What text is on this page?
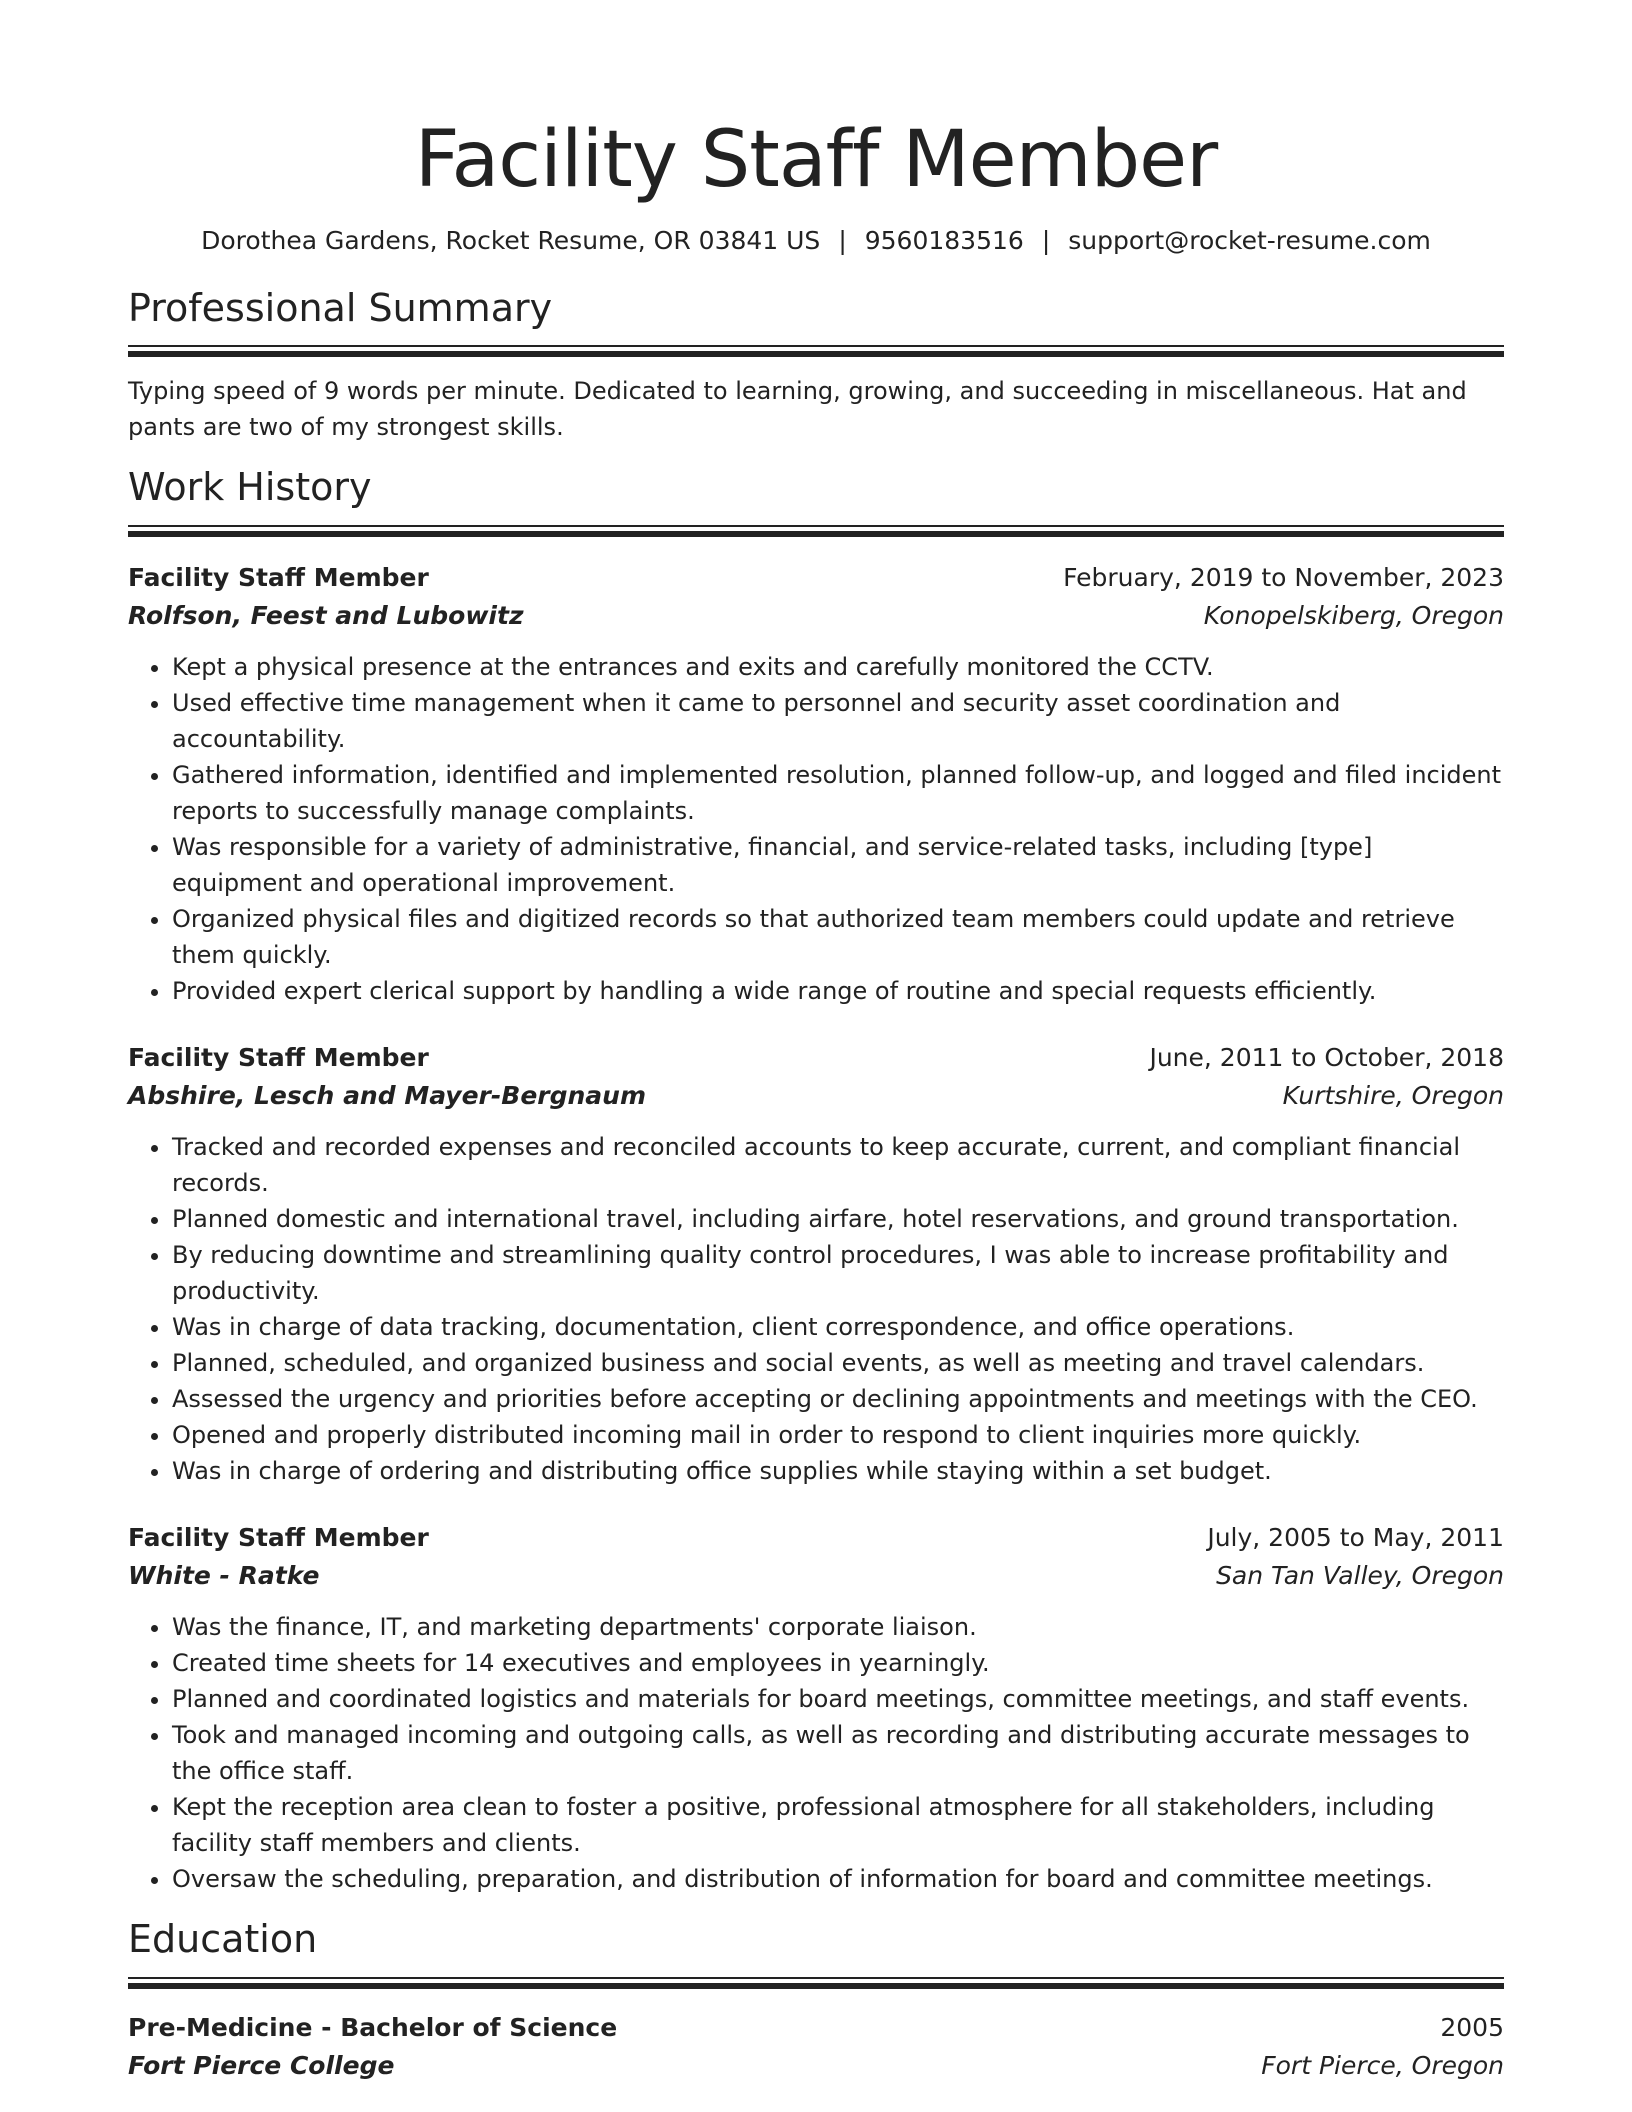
Facility Staff Member
Dorothea Gardens, Rocket Resume, OR 03841 US | 9560183516 | support@rocket-resume.com
Professional Summary

Typing speed of 9 words per minute. Dedicated to learning, growing, and succeeding in miscellaneous. Hat and pants are two of my strongest skills.

Work History
Facility Staff Member	February, 2019 to November, 2023
Rolfson, Feest and Lubowitz	Konopelskiberg, Oregon
• Kept a physical presence at the entrances and exits and carefully monitored the CCTV.
• Used effective time management when it came to personnel and security asset coordination and accountability.
• Gathered information, identified and implemented resolution, planned follow-up, and logged and filed incident reports to successfully manage complaints.
• Was responsible for a variety of administrative, financial, and service-related tasks, including [type] equipment and operational improvement.
• Organized physical files and digitized records so that authorized team members could update and retrieve them quickly.
• Provided expert clerical support by handling a wide range of routine and special requests efficiently.
Facility Staff Member	June, 2011 to October, 2018
Abshire, Lesch and Mayer-Bergnaum	Kurtshire, Oregon
• Tracked and recorded expenses and reconciled accounts to keep accurate, current, and compliant financial records.
• Planned domestic and international travel, including airfare, hotel reservations, and ground transportation.
• By reducing downtime and streamlining quality control procedures, I was able to increase profitability and productivity.
• Was in charge of data tracking, documentation, client correspondence, and office operations.
• Planned, scheduled, and organized business and social events, as well as meeting and travel calendars.
• Assessed the urgency and priorities before accepting or declining appointments and meetings with the CEO.
• Opened and properly distributed incoming mail in order to respond to client inquiries more quickly.
• Was in charge of ordering and distributing office supplies while staying within a set budget.
Facility Staff Member	July, 2005 to May, 2011
White - Ratke	San Tan Valley, Oregon
• Was the finance, IT, and marketing departments' corporate liaison.
• Created time sheets for 14 executives and employees in yearningly.
• Planned and coordinated logistics and materials for board meetings, committee meetings, and staff events.
• Took and managed incoming and outgoing calls, as well as recording and distributing accurate messages to the office staff.
• Kept the reception area clean to foster a positive, professional atmosphere for all stakeholders, including facility staff members and clients.
• Oversaw the scheduling, preparation, and distribution of information for board and committee meetings.
Education
Pre-Medicine - Bachelor of Science	2005
Fort Pierce College	Fort Pierce, Oregon
